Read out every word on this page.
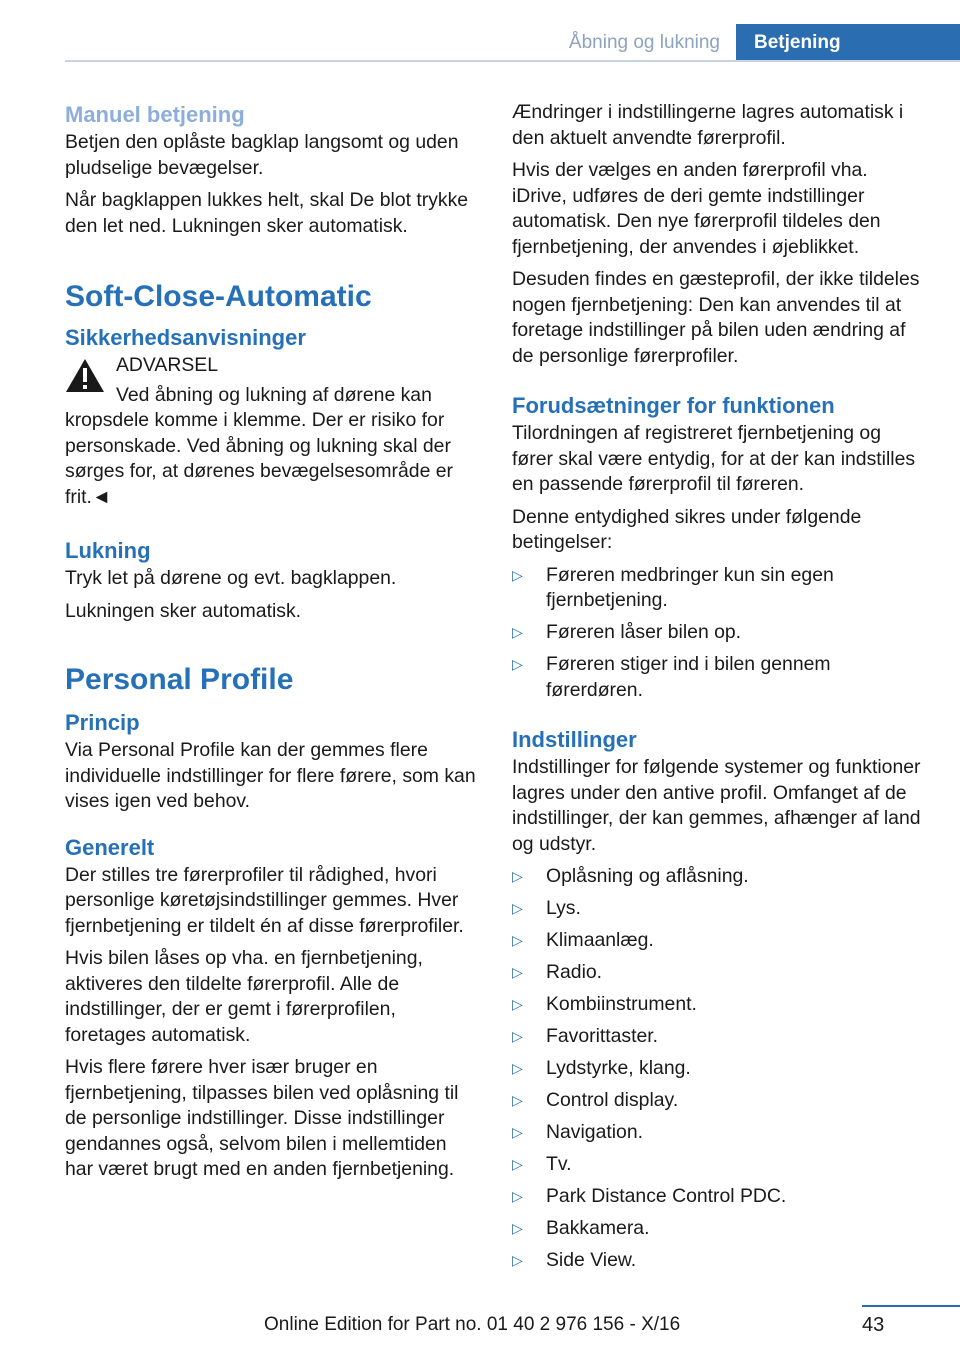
Åbning og lukning	Betjening
Manuel betjening

Betjen den oplåste bagklap langsomt og uden pludselige bevægelser.

Når bagklappen lukkes helt, skal De blot trykke den let ned. Lukningen sker automatisk.

Soft-Close-Automatic
Sikkerhedsanvisninger

ADVARSEL

Ved åbning og lukning af dørene kan

kropsdele komme i klemme. Der er risiko for personskade. Ved åbning og lukning skal der sørges for, at dørenes bevægelsesområde er frit.◄

Lukning

Tryk let på dørene og evt. bagklappen.

Lukningen sker automatisk.

Personal Profile
Princip

Via Personal Profile kan der gemmes flere individuelle indstillinger for flere førere, som kan vises igen ved behov.

Generelt

Der stilles tre førerprofiler til rådighed, hvori personlige køretøjsindstillinger gemmes. Hver fjernbetjening er tildelt én af disse førerprofiler.

Hvis bilen låses op vha. en fjernbetjening, aktiveres den tildelte førerprofil. Alle de indstillinger, der er gemt i førerprofilen, foretages automatisk.

Hvis flere førere hver især bruger en fjernbetjening, tilpasses bilen ved oplåsning til de personlige indstillinger. Disse indstillinger gendannes også, selvom bilen i mellemtiden har været brugt med en anden fjernbetjening.

Ændringer i indstillingerne lagres automatisk i den aktuelt anvendte førerprofil.

Hvis der vælges en anden førerprofil vha. iDrive, udføres de deri gemte indstillinger automatisk. Den nye førerprofil tildeles den fjernbetjening, der anvendes i øjeblikket.

Desuden findes en gæsteprofil, der ikke tildeles nogen fjernbetjening: Den kan anvendes til at foretage indstillinger på bilen uden ændring af de personlige førerprofiler.

Forudsætninger for funktionen

Tilordningen af registreret fjernbetjening og fører skal være entydig, for at der kan indstilles en passende førerprofil til føreren.

Denne entydighed sikres under følgende betingelser:

▷ Føreren medbringer kun sin egen fjernbetjening.
▷ Føreren låser bilen op.
▷ Føreren stiger ind i bilen gennem førerdøren.
Indstillinger

Indstillinger for følgende systemer og funktioner lagres under den antive profil. Omfanget af de indstillinger, der kan gemmes, afhænger af land og udstyr.

▷ Oplåsning og aflåsning.
▷ Lys.
▷ Klimaanlæg.
▷ Radio.
▷ Kombiinstrument.
▷ Favorittaster.
▷ Lydstyrke, klang.
▷ Control display.
▷ Navigation.
▷ Tv.
▷ Park Distance Control PDC.
▷ Bakkamera.
▷ Side View.
Online Edition for Part no. 01 40 2 976 156 - X/16	43
